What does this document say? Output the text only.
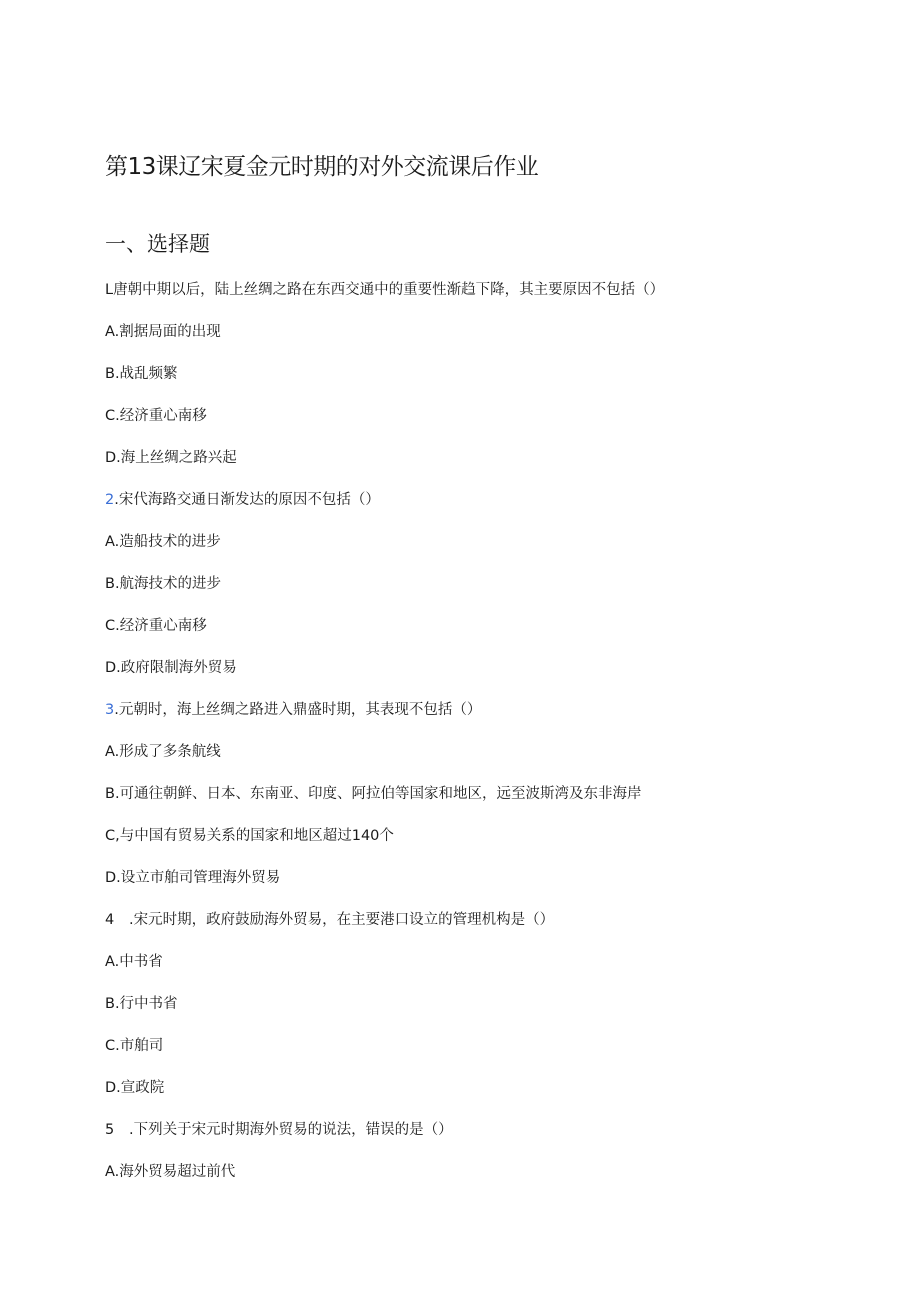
第13课辽宋夏金元时期的对外交流课后作业
一、选择题
L唐朝中期以后，陆上丝绸之路在东西交通中的重要性渐趋下降，其主要原因不包括（）
A.割据局面的出现
B.战乱频繁
C.经济重心南移
D.海上丝绸之路兴起
2.宋代海路交通日渐发达的原因不包括（）
A.造船技术的进步
B.航海技术的进步
C.经济重心南移
D.政府限制海外贸易
3.元朝时，海上丝绸之路进入鼎盛时期，其表现不包括（）
A.形成了多条航线
B.可通往朝鲜、日本、东南亚、印度、阿拉伯等国家和地区，远至波斯湾及东非海岸
C,与中国有贸易关系的国家和地区超过140个
D.设立市舶司管理海外贸易
4 .宋元时期，政府鼓励海外贸易，在主要港口设立的管理机构是（）
A.中书省
B.行中书省
C.市舶司
D.宣政院
5 .下列关于宋元时期海外贸易的说法，错误的是（）
A.海外贸易超过前代
